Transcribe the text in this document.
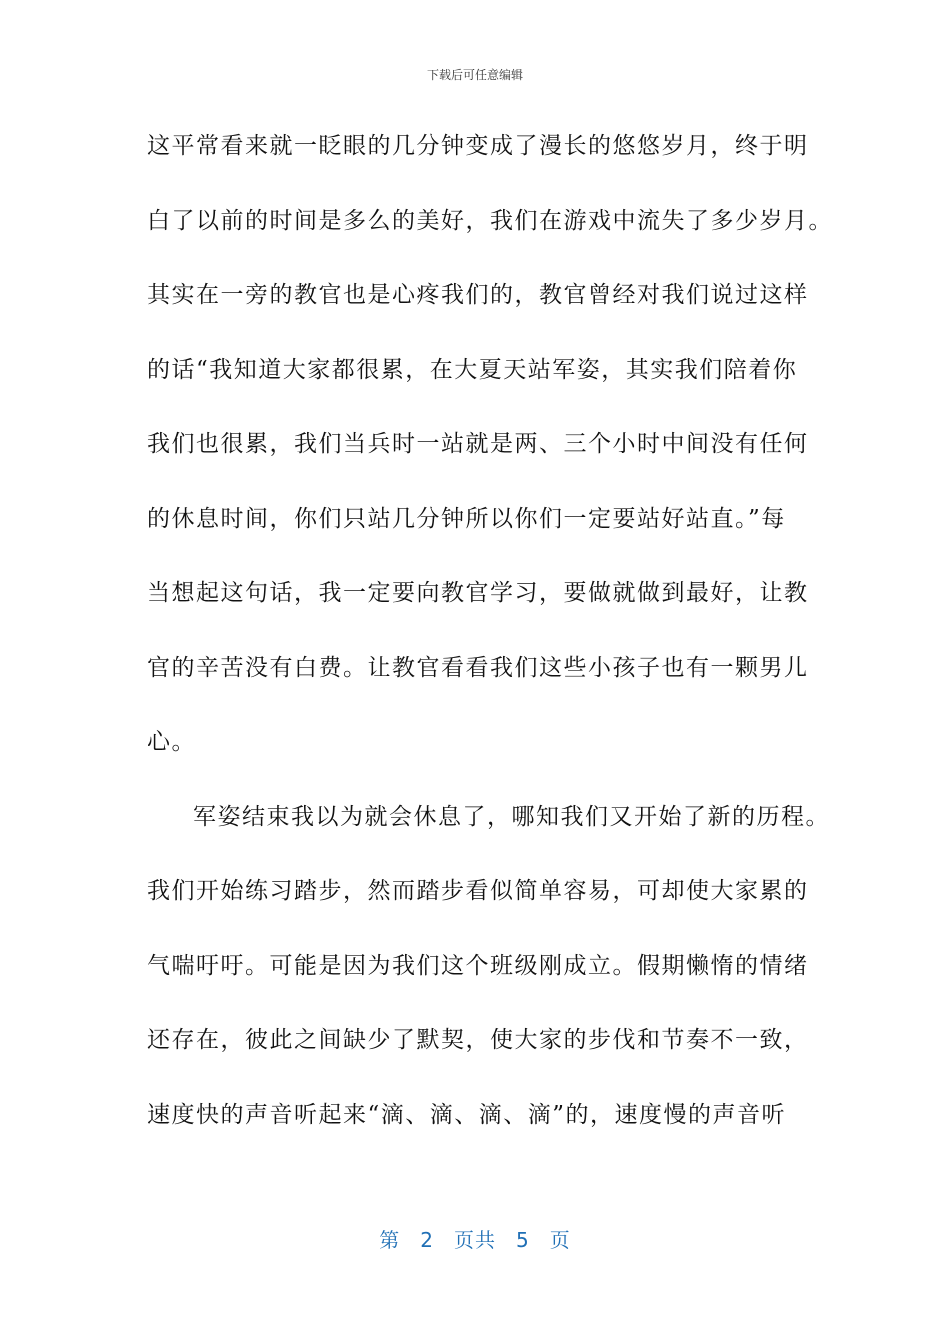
下载后可任意编辑
这平常看来就一眨眼的几分钟变成了漫长的悠悠岁月，终于明
白了以前的时间是多么的美好，我们在游戏中流失了多少岁月。
其实在一旁的教官也是心疼我们的，教官曾经对我们说过这样
的话“我知道大家都很累，在大夏天站军姿，其实我们陪着你
我们也很累，我们当兵时一站就是两、三个小时中间没有任何
的休息时间，你们只站几分钟所以你们一定要站好站直。”每
当想起这句话，我一定要向教官学习，要做就做到最好，让教
官的辛苦没有白费。让教官看看我们这些小孩子也有一颗男儿
心。
军姿结束我以为就会休息了，哪知我们又开始了新的历程。
我们开始练习踏步，然而踏步看似简单容易，可却使大家累的
气喘吁吁。可能是因为我们这个班级刚成立。假期懒惰的情绪
还存在，彼此之间缺少了默契，使大家的步伐和节奏不一致，
速度快的声音听起来“滴、滴、滴、滴”的，速度慢的声音听
第 2 页共 5 页
